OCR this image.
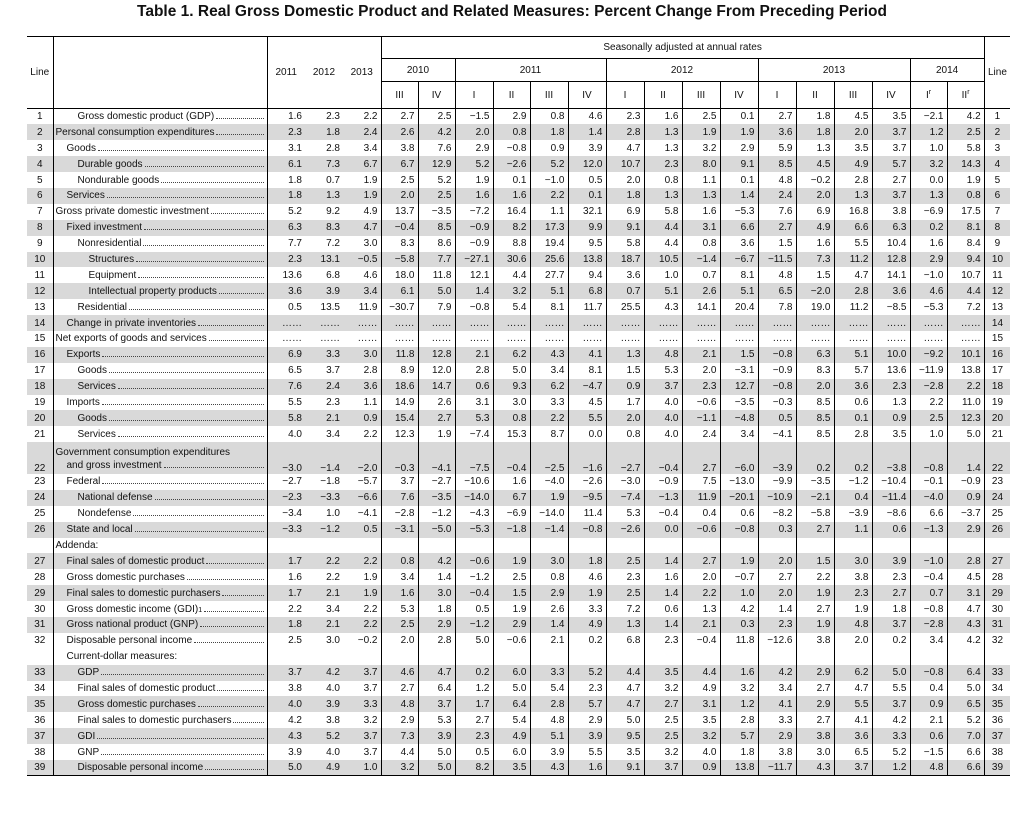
Table 1. Real Gross Domestic Product and Related Measures: Percent Change From Preceding Period
Line		2011	2012	2013	Seasonally adjusted at annual rates																Line
					2010		2011				2012				2013				2014		
					III	IV	I	II	III	IV	I	II	III	IV	I	II	III	IV	$I^r$	$II^r$
1	Gross domestic product (GDP)	1.6	2.3	2.2	2.7	2.5	−1.5	2.9	0.8	4.6	2.3	1.6	2.5	0.1	2.7	1.8	4.5	3.5	−2.1	4.2	1
2	Personal consumption expenditures	2.3	1.8	2.4	2.6	4.2	2.0	0.8	1.8	1.4	2.8	1.3	1.9	1.9	3.6	1.8	2.0	3.7	1.2	2.5	2
3	Goods	3.1	2.8	3.4	3.8	7.6	2.9	−0.8	0.9	3.9	4.7	1.3	3.2	2.9	5.9	1.3	3.5	3.7	1.0	5.8	3
4	Durable goods	6.1	7.3	6.7	6.7	12.9	5.2	−2.6	5.2	12.0	10.7	2.3	8.0	9.1	8.5	4.5	4.9	5.7	3.2	14.3	4
5	Nondurable goods	1.8	0.7	1.9	2.5	5.2	1.9	0.1	−1.0	0.5	2.0	0.8	1.1	0.1	4.8	−0.2	2.8	2.7	0.0	1.9	5
6	Services	1.8	1.3	1.9	2.0	2.5	1.6	1.6	2.2	0.1	1.8	1.3	1.3	1.4	2.4	2.0	1.3	3.7	1.3	0.8	6
7	Gross private domestic investment	5.2	9.2	4.9	13.7	−3.5	−7.2	16.4	1.1	32.1	6.9	5.8	1.6	−5.3	7.6	6.9	16.8	3.8	−6.9	17.5	7
8	Fixed investment	6.3	8.3	4.7	−0.4	8.5	−0.9	8.2	17.3	9.9	9.1	4.4	3.1	6.6	2.7	4.9	6.6	6.3	0.2	8.1	8
9	Nonresidential	7.7	7.2	3.0	8.3	8.6	−0.9	8.8	19.4	9.5	5.8	4.4	0.8	3.6	1.5	1.6	5.5	10.4	1.6	8.4	9
10	Structures	2.3	13.1	−0.5	−5.8	7.7	−27.1	30.6	25.6	13.8	18.7	10.5	−1.4	−6.7	−11.5	7.3	11.2	12.8	2.9	9.4	10
11	Equipment	13.6	6.8	4.6	18.0	11.8	12.1	4.4	27.7	9.4	3.6	1.0	0.7	8.1	4.8	1.5	4.7	14.1	−1.0	10.7	11
12	Intellectual property products	3.6	3.9	3.4	6.1	5.0	1.4	3.2	5.1	6.8	0.7	5.1	2.6	5.1	6.5	−2.0	2.8	3.6	4.6	4.4	12
13	Residential	0.5	13.5	11.9	−30.7	7.9	−0.8	5.4	8.1	11.7	25.5	4.3	14.1	20.4	7.8	19.0	11.2	−8.5	−5.3	7.2	13
14	Change in private inventories	……	……	……	……	……	……	……	……	……	……	……	……	……	……	……	……	……	……	……	14
15	Net exports of goods and services	……	……	……	……	……	……	……	……	……	……	……	……	……	……	……	……	……	……	……	15
16	Exports	6.9	3.3	3.0	11.8	12.8	2.1	6.2	4.3	4.1	1.3	4.8	2.1	1.5	−0.8	6.3	5.1	10.0	−9.2	10.1	16
17	Goods	6.5	3.7	2.8	8.9	12.0	2.8	5.0	3.4	8.1	1.5	5.3	2.0	−3.1	−0.9	8.3	5.7	13.6	−11.9	13.8	17
18	Services	7.6	2.4	3.6	18.6	14.7	0.6	9.3	6.2	−4.7	0.9	3.7	2.3	12.7	−0.8	2.0	3.6	2.3	−2.8	2.2	18
19	Imports	5.5	2.3	1.1	14.9	2.6	3.1	3.0	3.3	4.5	1.7	4.0	−0.6	−3.5	−0.3	8.5	0.6	1.3	2.2	11.0	19
20	Goods	5.8	2.1	0.9	15.4	2.7	5.3	0.8	2.2	5.5	2.0	4.0	−1.1	−4.8	0.5	8.5	0.1	0.9	2.5	12.3	20
21	Services	4.0	3.4	2.2	12.3	1.9	−7.4	15.3	8.7	0.0	0.8	4.0	2.4	3.4	−4.1	8.5	2.8	3.5	1.0	5.0	21
22	Government consumption expenditures
and gross investment	−3.0	−1.4	−2.0	−0.3	−4.1	−7.5	−0.4	−2.5	−1.6	−2.7	−0.4	2.7	−6.0	−3.9	0.2	0.2	−3.8	−0.8	1.4	22
23	Federal	−2.7	−1.8	−5.7	3.7	−2.7	−10.6	1.6	−4.0	−2.6	−3.0	−0.9	7.5	−13.0	−9.9	−3.5	−1.2	−10.4	−0.1	−0.9	23
24	National defense	−2.3	−3.3	−6.6	7.6	−3.5	−14.0	6.7	1.9	−9.5	−7.4	−1.3	11.9	−20.1	−10.9	−2.1	0.4	−11.4	−4.0	0.9	24
25	Nondefense	−3.4	1.0	−4.1	−2.8	−1.2	−4.3	−6.9	−14.0	11.4	5.3	−0.4	0.4	0.6	−8.2	−5.8	−3.9	−8.6	6.6	−3.7	25
26	State and local	−3.3	−1.2	0.5	−3.1	−5.0	−5.3	−1.8	−1.4	−0.8	−2.6	0.0	−0.6	−0.8	0.3	2.7	1.1	0.6	−1.3	2.9	26

	Addenda:																				

27	Final sales of domestic product	1.7	2.2	2.2	0.8	4.2	−0.6	1.9	3.0	1.8	2.5	1.4	2.7	1.9	2.0	1.5	3.0	3.9	−1.0	2.8	27
28	Gross domestic purchases	1.6	2.2	1.9	3.4	1.4	−1.2	2.5	0.8	4.6	2.3	1.6	2.0	−0.7	2.7	2.2	3.8	2.3	−0.4	4.5	28
29	Final sales to domestic purchasers	1.7	2.1	1.9	1.6	3.0	−0.4	1.5	2.9	1.9	2.5	1.4	2.2	1.0	2.0	1.9	2.3	2.7	0.7	3.1	29
30	Gross domestic income (GDI) 1	2.2	3.4	2.2	5.3	1.8	0.5	1.9	2.6	3.3	7.2	0.6	1.3	4.2	1.4	2.7	1.9	1.8	−0.8	4.7	30
31	Gross national product (GNP)	1.8	2.1	2.2	2.5	2.9	−1.2	2.9	1.4	4.9	1.3	1.4	2.1	0.3	2.3	1.9	4.8	3.7	−2.8	4.3	31
32	Disposable personal income	2.5	3.0	−0.2	2.0	2.8	5.0	−0.6	2.1	0.2	6.8	2.3	−0.4	11.8	−12.6	3.8	2.0	0.2	3.4	4.2	32

	Current-dollar measures:																				

33	GDP	3.7	4.2	3.7	4.6	4.7	0.2	6.0	3.3	5.2	4.4	3.5	4.4	1.6	4.2	2.9	6.2	5.0	−0.8	6.4	33
34	Final sales of domestic product	3.8	4.0	3.7	2.7	6.4	1.2	5.0	5.4	2.3	4.7	3.2	4.9	3.2	3.4	2.7	4.7	5.5	0.4	5.0	34
35	Gross domestic purchases	4.0	3.9	3.3	4.8	3.7	1.7	6.4	2.8	5.7	4.7	2.7	3.1	1.2	4.1	2.9	5.5	3.7	0.9	6.5	35
36	Final sales to domestic purchasers	4.2	3.8	3.2	2.9	5.3	2.7	5.4	4.8	2.9	5.0	2.5	3.5	2.8	3.3	2.7	4.1	4.2	2.1	5.2	36
37	GDI	4.3	5.2	3.7	7.3	3.9	2.3	4.9	5.1	3.9	9.5	2.5	3.2	5.7	2.9	3.8	3.6	3.3	0.6	7.0	37
38	GNP	3.9	4.0	3.7	4.4	5.0	0.5	6.0	3.9	5.5	3.5	3.2	4.0	1.8	3.8	3.0	6.5	5.2	−1.5	6.6	38
39	Disposable personal income	5.0	4.9	1.0	3.2	5.0	8.2	3.5	4.3	1.6	9.1	3.7	0.9	13.8	−11.7	4.3	3.7	1.2	4.8	6.6	39
